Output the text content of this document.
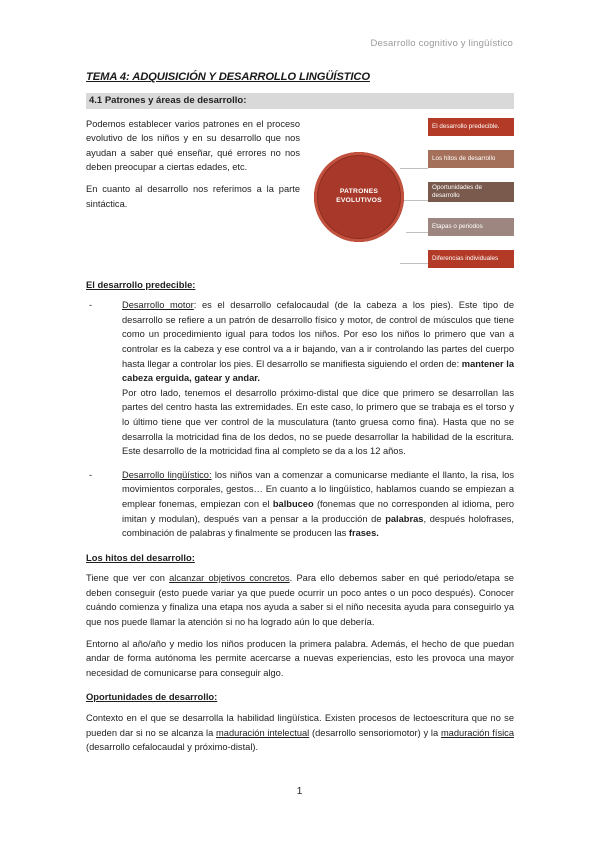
Desarrollo cognitivo y lingüístico
TEMA 4: ADQUISICIÓN Y DESARROLLO LINGÜÍSTICO
4.1 Patrones y áreas de desarrollo:

Podemos establecer varios patrones en el proceso evolutivo de los niños y en su desarrollo que nos ayudan a saber qué enseñar, qué errores no nos deben preocupar a ciertas edades, etc.

En cuanto al desarrollo nos referimos a la parte sintáctica.

PATRONES EVOLUTIVOS
El desarrollo predecible.
Los hitos de desarrollo
Oportunidades de desarrollo
Etapas o periodos
Diferencias individuales
El desarrollo predecible:
-	Desarrollo motor: es el desarrollo cefalocaudal (de la cabeza a los pies). Este tipo de desarrollo se refiere a un patrón de desarrollo físico y motor, de control de músculos que tiene como un procedimiento igual para todos los niños. Por eso los niños lo primero que van a controlar es la cabeza y ese control va a ir bajando, van a ir controlando las partes del cuerpo hasta llegar a controlar los pies. El desarrollo se manifiesta siguiendo el orden de: mantener la cabeza erguida, gatear y andar.

Por otro lado, tenemos el desarrollo próximo-distal que dice que primero se desarrollan las partes del centro hasta las extremidades. En este caso, lo primero que se trabaja es el torso y lo último tiene que ver control de la musculatura (tanto gruesa como fina). Hasta que no se desarrolla la motricidad fina de los dedos, no se puede desarrollar la habilidad de la escritura. Este desarrollo de la motricidad fina al completo se da a los 12 años.

-	Desarrollo lingüístico: los niños van a comenzar a comunicarse mediante el llanto, la risa, los movimientos corporales, gestos… En cuanto a lo lingüístico, hablamos cuando se empiezan a emplear fonemas, empiezan con el balbuceo (fonemas que no corresponden al idioma, pero imitan y modulan), después van a pensar a la producción de palabras, después holofrases, combinación de palabras y finalmente se producen las frases.

Los hitos del desarrollo:

Tiene que ver con alcanzar objetivos concretos. Para ello debemos saber en qué periodo/etapa se deben conseguir (esto puede variar ya que puede ocurrir un poco antes o un poco después). Conocer cuándo comienza y finaliza una etapa nos ayuda a saber si el niño necesita ayuda para conseguirlo ya que nos puede llamar la atención si no ha logrado aún lo que debería.

Entorno al año/año y medio los niños producen la primera palabra. Además, el hecho de que puedan andar de forma autónoma les permite acercarse a nuevas experiencias, esto les provoca una mayor necesidad de comunicarse para conseguir algo.

Oportunidades de desarrollo:

Contexto en el que se desarrolla la habilidad lingüística. Existen procesos de lectoescritura que no se pueden dar si no se alcanza la maduración intelectual (desarrollo sensoriomotor) y la maduración física (desarrollo cefalocaudal y próximo-distal).

1
